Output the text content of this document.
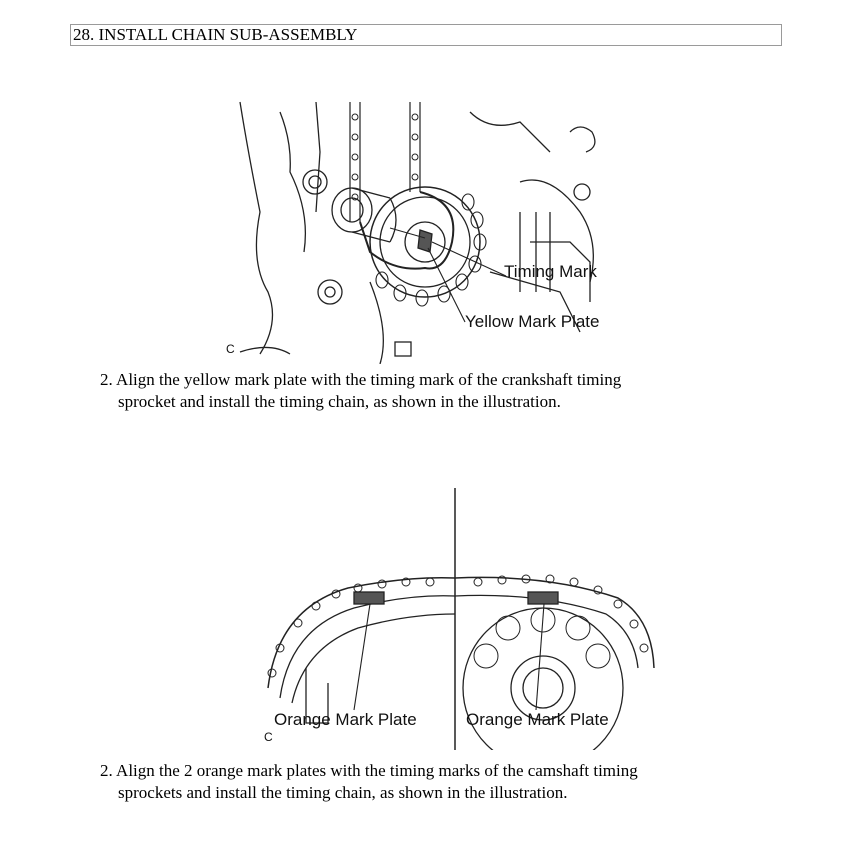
28. INSTALL CHAIN SUB-ASSEMBLY
Timing Mark
Yellow Mark Plate
C
2. Align the yellow mark plate with the timing mark of the crankshaft timing
sprocket and install the timing chain, as shown in the illustration.
Orange Mark Plate	Orange Mark Plate
C
2. Align the 2 orange mark plates with the timing marks of the camshaft timing
sprockets and install the timing chain, as shown in the illustration.
